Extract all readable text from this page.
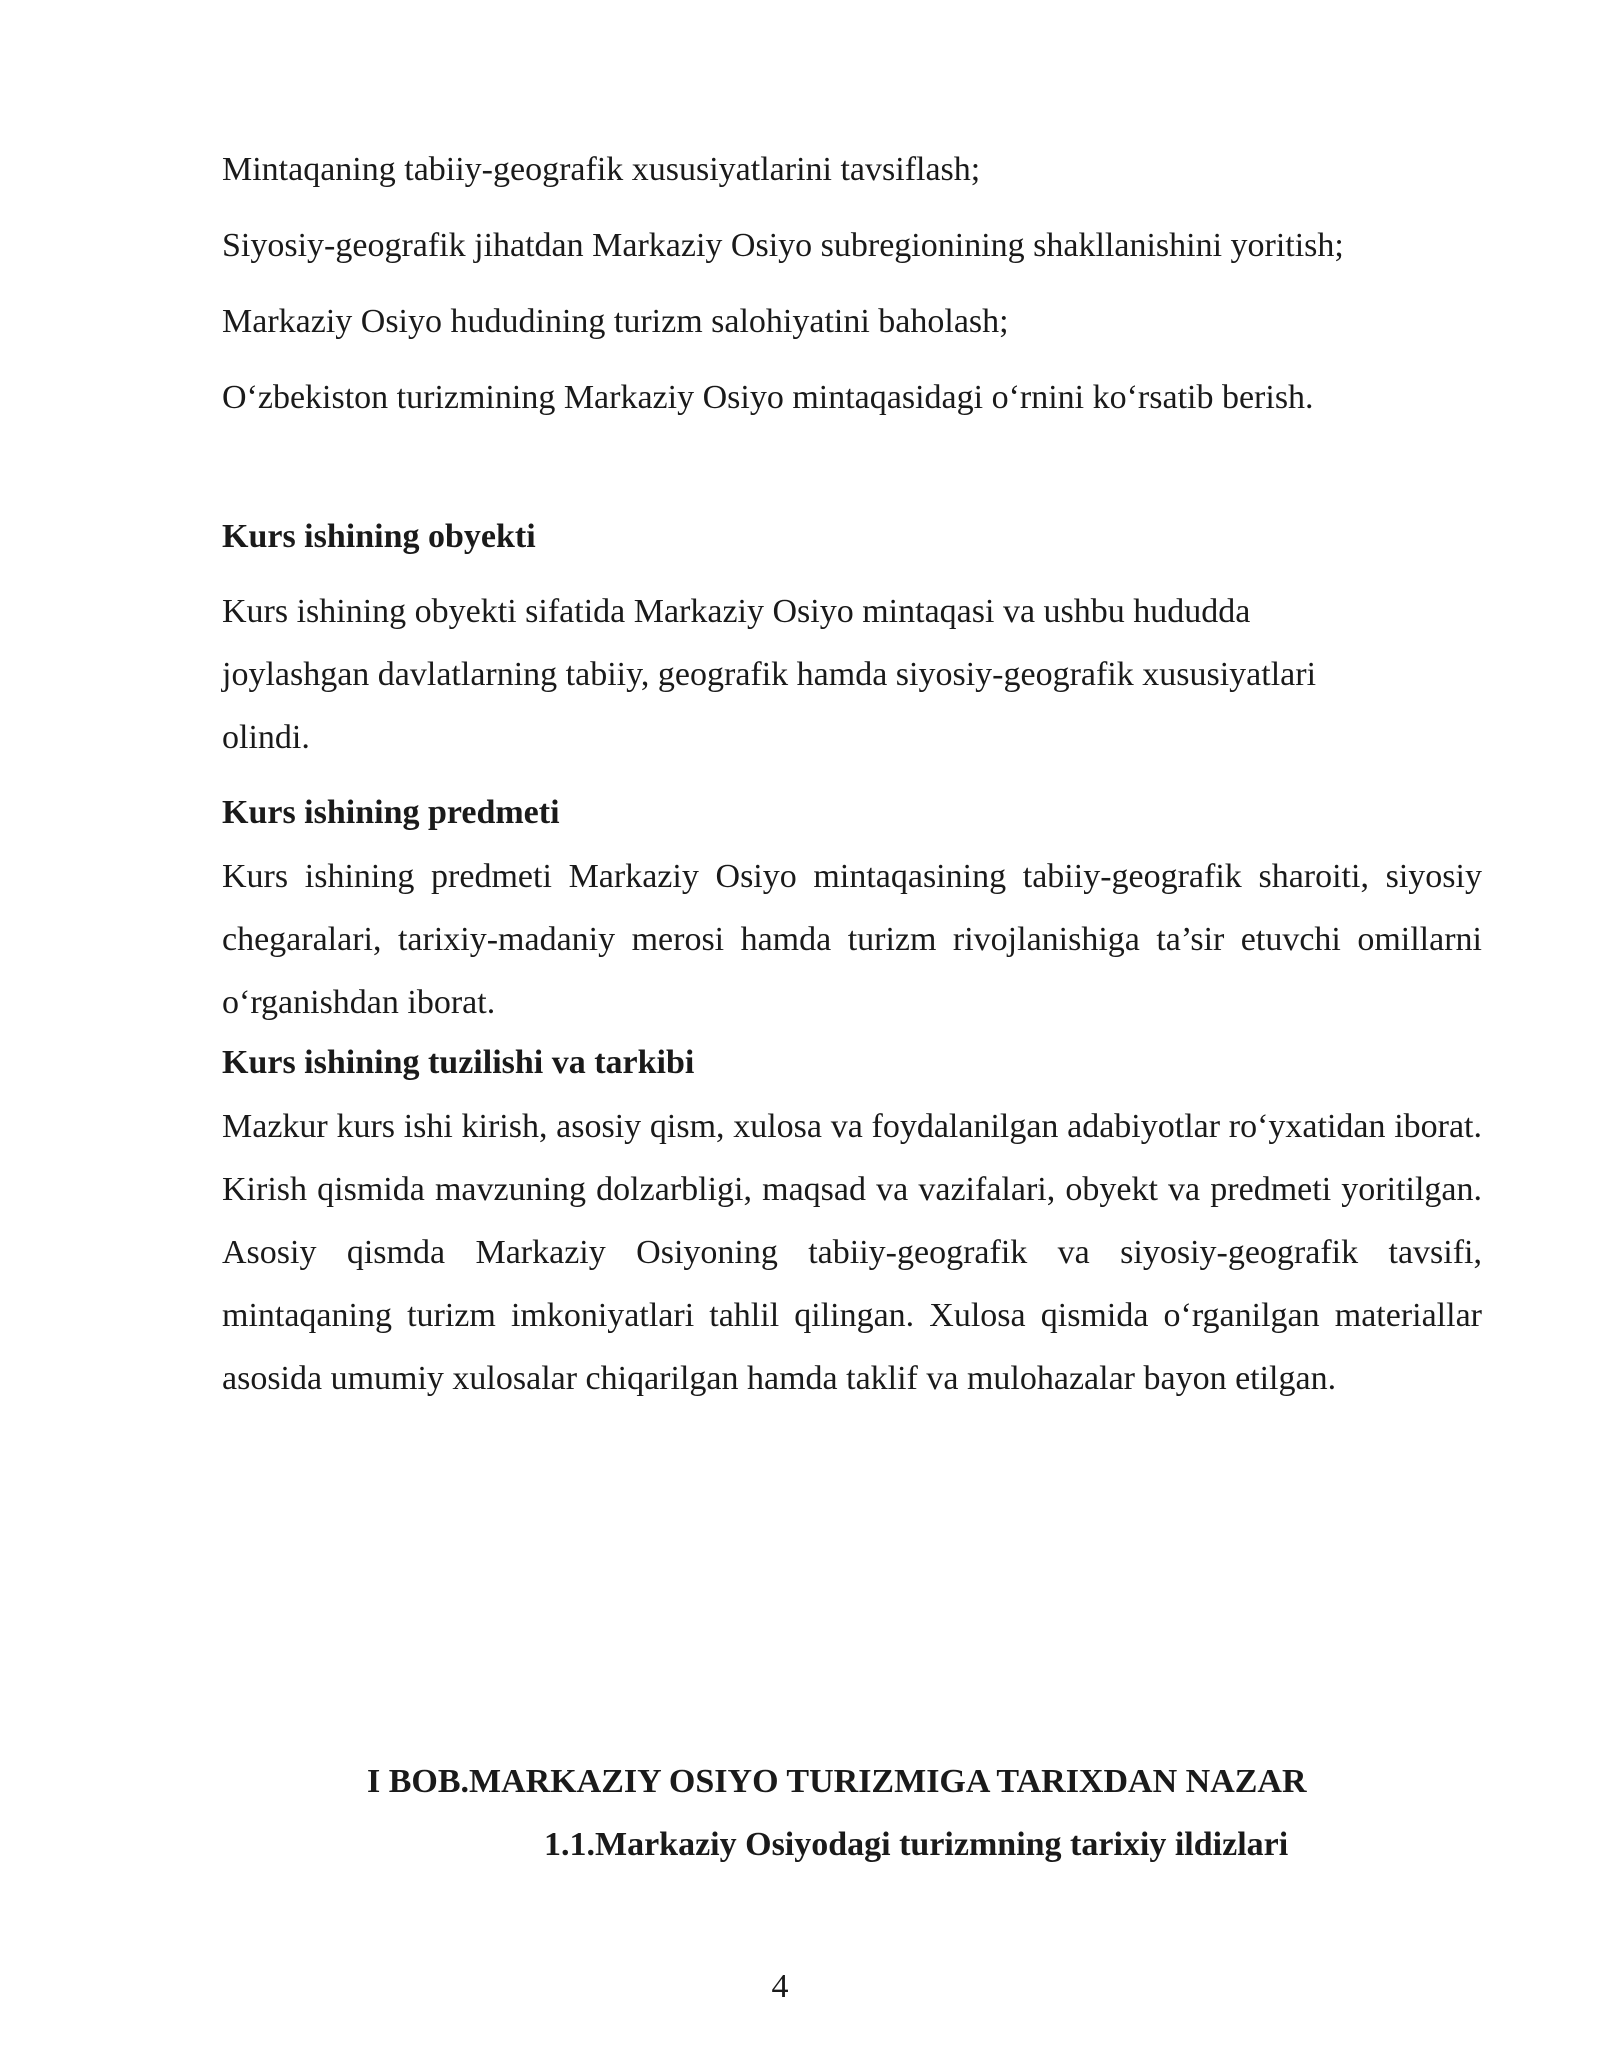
Mintaqaning tabiiy-geografik xususiyatlarini tavsiflash;
Siyosiy-geografik jihatdan Markaziy Osiyo subregionining shakllanishini yoritish;
Markaziy Osiyo hududining turizm salohiyatini baholash;
O‘zbekiston turizmining Markaziy Osiyo mintaqasidagi o‘rnini ko‘rsatib berish.
Kurs ishining obyekti
Kurs ishining obyekti sifatida Markaziy Osiyo mintaqasi va ushbu hududda
joylashgan davlatlarning tabiiy, geografik hamda siyosiy-geografik xususiyatlari
olindi.
Kurs ishining predmeti
Kurs ishining predmeti Markaziy Osiyo mintaqasining tabiiy-geografik sharoiti, siyosiy chegaralari, tarixiy-madaniy merosi hamda turizm rivojlanishiga ta’sir etuvchi omillarni o‘rganishdan iborat.
Kurs ishining tuzilishi va tarkibi
Mazkur kurs ishi kirish, asosiy qism, xulosa va foydalanilgan adabiyotlar ro‘yxatidan iborat. Kirish qismida mavzuning dolzarbligi, maqsad va vazifalari, obyekt va predmeti yoritilgan. Asosiy qismda Markaziy Osiyoning tabiiy-geografik va siyosiy-geografik tavsifi, mintaqaning turizm imkoniyatlari tahlil qilingan. Xulosa qismida o‘rganilgan materiallar asosida umumiy xulosalar chiqarilgan hamda taklif va mulohazalar bayon etilgan.
I BOB.MARKAZIY OSIYO TURIZMIGA TARIXDAN NAZAR
1.1.Markaziy Osiyodagi turizmning tarixiy ildizlari
4
